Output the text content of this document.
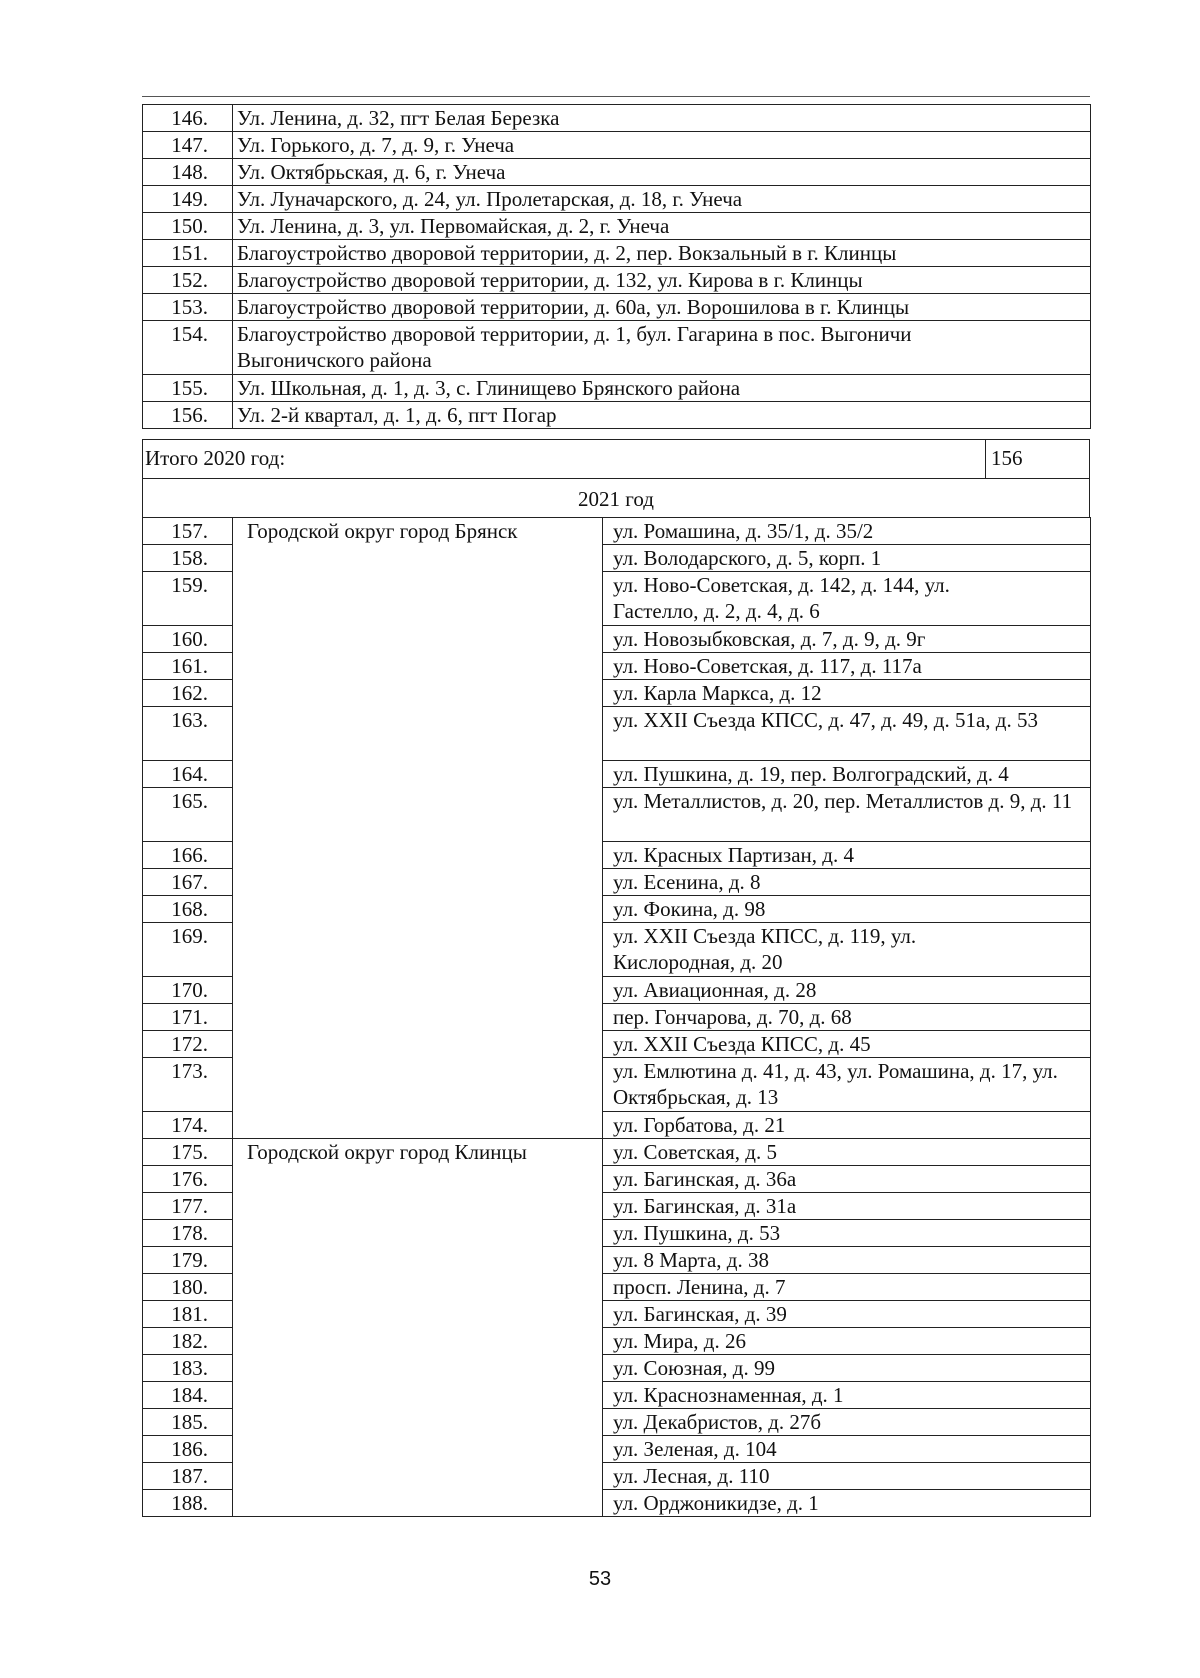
146.	Ул. Ленина, д. 32, пгт Белая Березка
147.	Ул. Горького, д. 7, д. 9, г. Унеча
148.	Ул. Октябрьская, д. 6, г. Унеча
149.	Ул. Луначарского, д. 24, ул. Пролетарская, д. 18, г. Унеча
150.	Ул. Ленина, д. 3, ул. Первомайская, д. 2, г. Унеча
151.	Благоустройство дворовой территории, д. 2, пер. Вокзальный в г. Клинцы
152.	Благоустройство дворовой территории, д. 132, ул. Кирова в г. Клинцы
153.	Благоустройство дворовой территории, д. 60а, ул. Ворошилова в г. Клинцы
154.	Благоустройство дворовой территории, д. 1, бул. Гагарина в пос. Выгоничи Выгоничского района
155.	Ул. Школьная, д. 1, д. 3, с. Глинищево Брянского района
156.	Ул. 2-й квартал, д. 1, д. 6, пгт Погар
Итого 2020 год:	156
2021 год
157.	Городской округ город Брянск	ул. Ромашина, д. 35/1, д. 35/2
158.		ул. Володарского, д. 5, корп. 1
159.		ул. Ново-Советская, д. 142, д. 144, ул. Гастелло, д. 2, д. 4, д. 6
160.		ул. Новозыбковская, д. 7, д. 9, д. 9г
161.		ул. Ново-Советская, д. 117, д. 117а
162.		ул. Карла Маркса, д. 12
163.		ул. XXII Съезда КПСС, д. 47, д. 49, д. 51а, д. 53
164.		ул. Пушкина, д. 19, пер. Волгоградский, д. 4
165.		ул. Металлистов, д. 20, пер. Металлистов д. 9, д. 11
166.		ул. Красных Партизан, д. 4
167.		ул. Есенина, д. 8
168.		ул. Фокина, д. 98
169.		ул. XXII Съезда КПСС, д. 119, ул. Кислородная, д. 20
170.		ул. Авиационная, д. 28
171.		пер. Гончарова, д. 70, д. 68
172.		ул. XXII Съезда КПСС, д. 45
173.		ул. Емлютина д. 41, д. 43, ул. Ромашина, д. 17, ул. Октябрьская, д. 13
174.		ул. Горбатова, д. 21
175.	Городской округ город Клинцы	ул. Советская, д. 5
176.		ул. Багинская, д. 36а
177.		ул. Багинская, д. 31а
178.		ул. Пушкина, д. 53
179.		ул. 8 Марта, д. 38
180.		просп. Ленина, д. 7
181.		ул. Багинская, д. 39
182.		ул. Мира, д. 26
183.		ул. Союзная, д. 99
184.		ул. Краснознаменная, д. 1
185.		ул. Декабристов, д. 27б
186.		ул. Зеленая, д. 104
187.		ул. Лесная, д. 110
188.		ул. Орджоникидзе, д. 1
53
